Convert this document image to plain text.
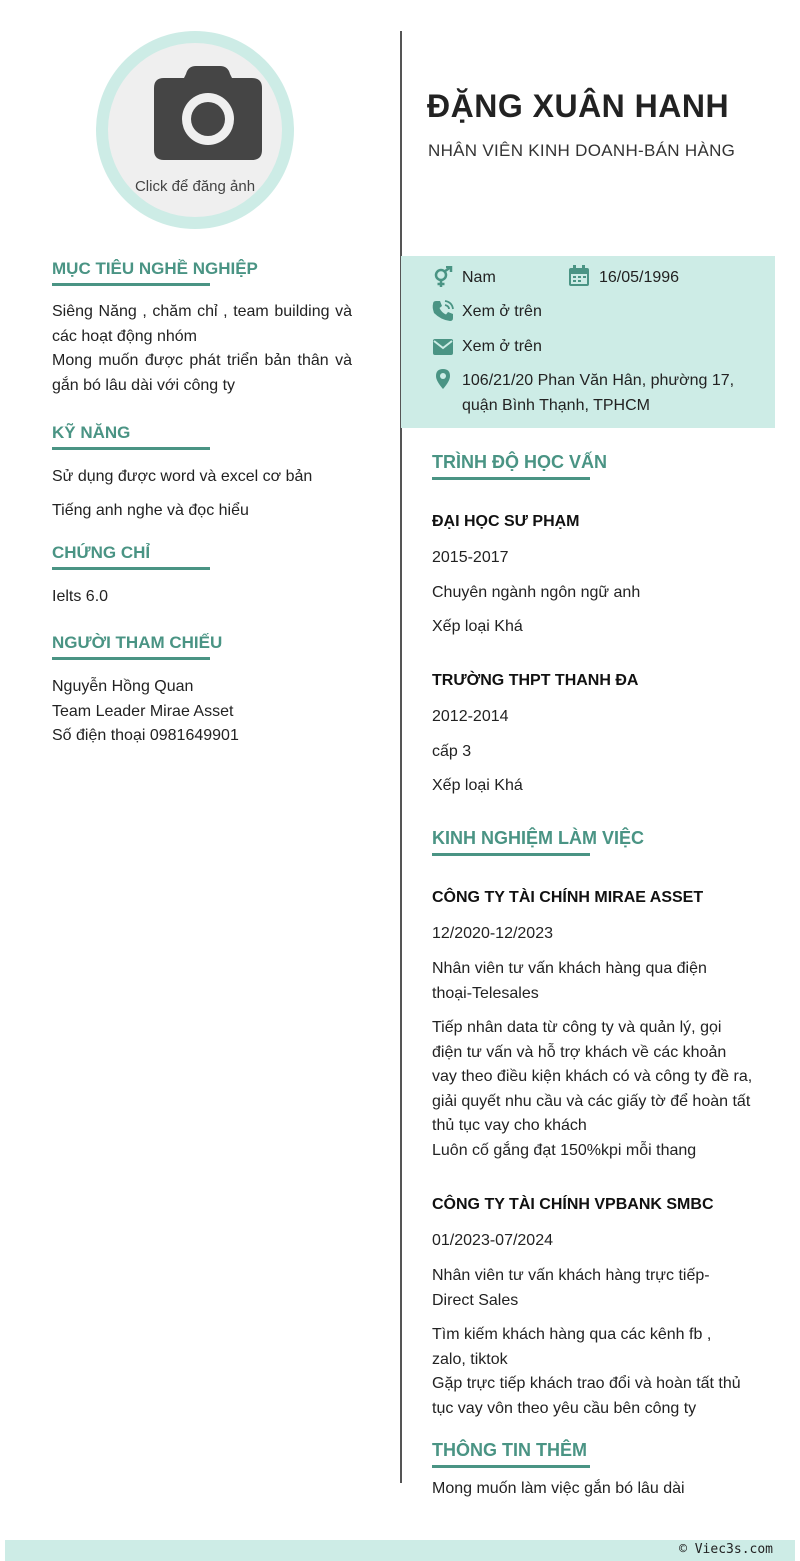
Click để đăng ảnh
ĐẶNG XUÂN HANH
NHÂN VIÊN KINH DOANH-BÁN HÀNG
Nam	16/05/1996
Xem ở trên
Xem ở trên
106/21/20 Phan Văn Hân, phường 17, quận Bình Thạnh, TPHCM
MỤC TIÊU NGHỀ NGHIỆP
Siêng Năng , chăm chỉ , team building và các hoạt động nhóm
Mong muốn được phát triển bản thân và gắn bó lâu dài với công ty
KỸ NĂNG
Sử dụng được word và excel cơ bản
Tiếng anh nghe và đọc hiểu
CHỨNG CHỈ
Ielts 6.0
NGƯỜI THAM CHIẾU
Nguyễn Hồng Quan
Team Leader Mirae Asset
Số điện thoại 0981649901
TRÌNH ĐỘ HỌC VẤN
ĐẠI HỌC SƯ PHẠM
2015-2017
Chuyên ngành ngôn ngữ anh
Xếp loại Khá
TRƯỜNG THPT THANH ĐA
2012-2014
cấp 3
Xếp loại Khá
KINH NGHIỆM LÀM VIỆC
CÔNG TY TÀI CHÍNH MIRAE ASSET
12/2020-12/2023
Nhân viên tư vấn khách hàng qua điện thoại-Telesales
Tiếp nhân data từ công ty và quản lý, gọi điện tư vấn và hỗ trợ khách về các khoản vay theo điều kiện khách có và công ty đề ra, giải quyết nhu cầu và các giấy tờ để hoàn tất thủ tục vay cho khách
Luôn cố gắng đạt 150%kpi mỗi thang
CÔNG TY TÀI CHÍNH VPBANK SMBC
01/2023-07/2024
Nhân viên tư vấn khách hàng trực tiếp-Direct Sales
Tìm kiếm khách hàng qua các kênh fb , zalo, tiktok
Gặp trực tiếp khách trao đổi và hoàn tất thủ tục vay vôn theo yêu cầu bên công ty
THÔNG TIN THÊM
Mong muốn làm việc gắn bó lâu dài
© Viec3s.com
